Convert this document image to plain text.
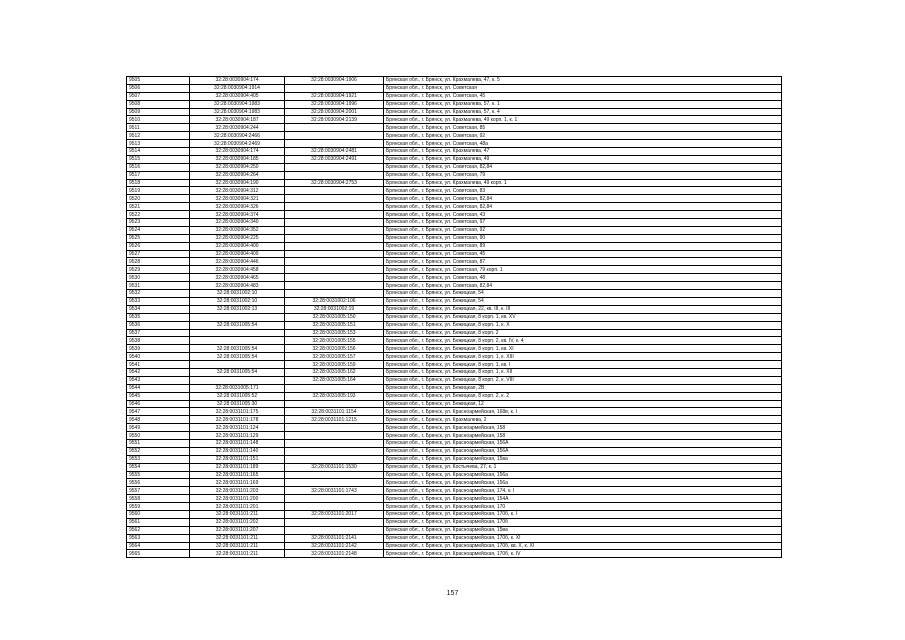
9505	32:28:0030904:174	32:28:0030904:1906	Брянская обл., г. Брянск, ул. Крахмалева, 47, к. 5
9506	32:28:0030904:1914		Брянская обл., г. Брянск, ул. Советская
9507	32:28:0030904:405	32:28:0030904:1921	Брянская обл., г. Брянск, ул. Советская, 45
9508	32:28:0030904:1983	32:28:0030904:1996	Брянская обл., г. Брянск, ул. Крахмалева, 57, к. 1
9509	32:28:0030904:1983	32:28:0030904:2001	Брянская обл., г. Брянск, ул. Крахмалева, 57, к. 4
9510	32:28:0030904:187	32:28:0030904:2139	Брянская обл., г. Брянск, ул. Крахмалева, 49 корп. 1, к. 1
9511	32:28:0030904:244		Брянская обл., г. Брянск, ул. Советская, 85
9512	32:28:0030904:2466		Брянская обл., г. Брянск, ул. Советская, 92
9513	32:28:0030904:2469		Брянская обл., г. Брянск, ул. Советская, 48а
9514	32:28:0030904:174	32:28:0030904:2481	Брянская обл., г. Брянск, ул. Крахмалева, 47
9515	32:28:0030904:185	32:28:0030904:2491	Брянская обл., г. Брянск, ул. Крахмалева, 49
9516	32:28:0030904:250		Брянская обл., г. Брянск, ул. Советская, 82,84
9517	32:28:0030904:264		Брянская обл., г. Брянск, ул. Советская, 79
9518	32:28:0030904:190	32:28:0030904:2753	Брянская обл., г. Брянск, ул. Крахмалева, 49 корп. 1
9519	32:28:0030904:312		Брянская обл., г. Брянск, ул. Советская, 83
9520	32:28:0030904:321		Брянская обл., г. Брянск, ул. Советская, 82,84
9521	32:28:0030904:326		Брянская обл., г. Брянск, ул. Советская, 82,84
9522	32:28:0030904:374		Брянская обл., г. Брянск, ул. Советская, 43
9523	32:28:0030904:340		Брянская обл., г. Брянск, ул. Советская, 97
9524	32:28:0030904:352		Брянская обл., г. Брянск, ул. Советская, 92
9525	32:28:0030904:225		Брянская обл., г. Брянск, ул. Советская, 90
9526	32:28:0030904:400		Брянская обл., г. Брянск, ул. Советская, 89
9527	32:28:0030904:409		Брянская обл., г. Брянск, ул. Советская, 45
9528	32:28:0030904:446		Брянская обл., г. Брянск, ул. Советская, 87
9529	32:28:0030904:458		Брянская обл., г. Брянск, ул. Советская, 79 корп. 1
9530	32:28:0030904:465		Брянская обл., г. Брянск, ул. Советская, 48
9531	32:28:0030904:483		Брянская обл., г. Брянск, ул. Советская, 82,84
9532	32:28:0031002:10		Брянская обл., г. Брянск, ул. Бежицкая, 54
9533	32:28:0031002:10	32:28:0031002:106	Брянская обл., г. Брянск, ул. Бежицкая, 54
9534	32:28:0031002:13	32:28:0031002:19	Брянская обл., г. Брянск, ул. Бежицкая, 22, кв. III, к. III
9535		32:28:0031005:150	Брянская обл., г. Брянск, ул. Бежицкая, 8 корп. 1, кв. XV
9536	32:28:0031005:54	32:28:0031005:151	Брянская обл., г. Брянск, ул. Бежицкая, 8 корп. 1, к. X
9537		32:28:0031005:153	Брянская обл., г. Брянск, ул. Бежицкая, 8 корп. 2
9538		32:28:0031005:155	Брянская обл., г. Брянск, ул. Бежицкая, 8 корп. 2, кв. IV, к. 4
9539	32:28:0031005:54	32:28:0031005:156	Брянская обл., г. Брянск, ул. Бежицкая, 8 корп. 1, кв. XI
9540	32:28:0031005:54	32:28:0031005:157	Брянская обл., г. Брянск, ул. Бежицкая, 8 корп. 1, к. XIII
9541		32:28:0031005:159	Брянская обл., г. Брянск, ул. Бежицкая, 8 корп. 1, кв. I
9542	32:28:0031005:54	32:28:0031005:162	Брянская обл., г. Брянск, ул. Бежицкая, 8 корп. 1, к. XII
9543		32:28:0031005:164	Брянская обл., г. Брянск, ул. Бежицкая, 8 корп. 2, к. VIII
9544	32:28:0031005:171		Брянская обл., г. Брянск, ул. Бежицкая, 2В
9545	32:28:0031005:52	32:28:0031005:193	Брянская обл., г. Брянск, ул. Бежицкая, 8 корп. 2, к. 2
9546	32:28:0031005:30		Брянская обл., г. Брянск, ул. Бежицкая, 12
9547	32:28:0031101:175	32:28:0031101:1154	Брянская обл., г. Брянск, ул. Красноармейская, 168в, к. I
9548	32:28:0031101:178	32:28:0031101:1215	Брянская обл., г. Брянск, ул. Крахмалева, 2
9549	32:28:0031101:124		Брянская обл., г. Брянск, ул. Красноармейская, 158
9550	32:28:0031101:129		Брянская обл., г. Брянск, ул. Красноармейская, 158
9551	32:28:0031101:148		Брянская обл., г. Брянск, ул. Красноармейская, 156А
9552	32:28:0031101:140		Брянская обл., г. Брянск, ул. Красноармейская, 156А
9553	32:28:0031101:151		Брянская обл., г. Брянск, ул. Красноармейская, 15ва
9554	32:28:0031101:189	32:28:0031101:1530	Брянская обл., г. Брянск, ул. Костычева, 27, к. 1
9555	32:28:0031101:165		Брянская обл., г. Брянск, ул. Красноармейская, 156а
9556	32:28:0031101:169		Брянская обл., г. Брянск, ул. Красноармейская, 156а
9557	32:28:0031101:203	32:28:0031101:1743	Брянская обл., г. Брянск, ул. Красноармейская, 174, к. I
9558	32:28:0031101:200		Брянская обл., г. Брянск, ул. Красноармейская, 154А
9559	32:28:0031101:201		Брянская обл., г. Брянск, ул. Красноармейская, 170
9560	32:28:0031101:211	32:28:0031101:2017	Брянская обл., г. Брянск, ул. Красноармейская, 170б, к. I
9561	32:28:0031101:202		Брянская обл., г. Брянск, ул. Красноармейская, 170б
9562	32:28:0031101:207		Брянская обл., г. Брянск, ул. Красноармейская, 15ва
9563	32:28:0031101:211	32:28:0031101:2141	Брянская обл., г. Брянск, ул. Красноармейская, 170б, к. XI
9564	32:28:0031101:211	32:28:0031101:2142	Брянская обл., г. Брянск, ул. Красноармейская, 170б, кв. X, к. XI
9565	32:28:0031101:211	32:28:0031101:2148	Брянская обл., г. Брянск, ул. Красноармейская, 170б, к. IV
157
